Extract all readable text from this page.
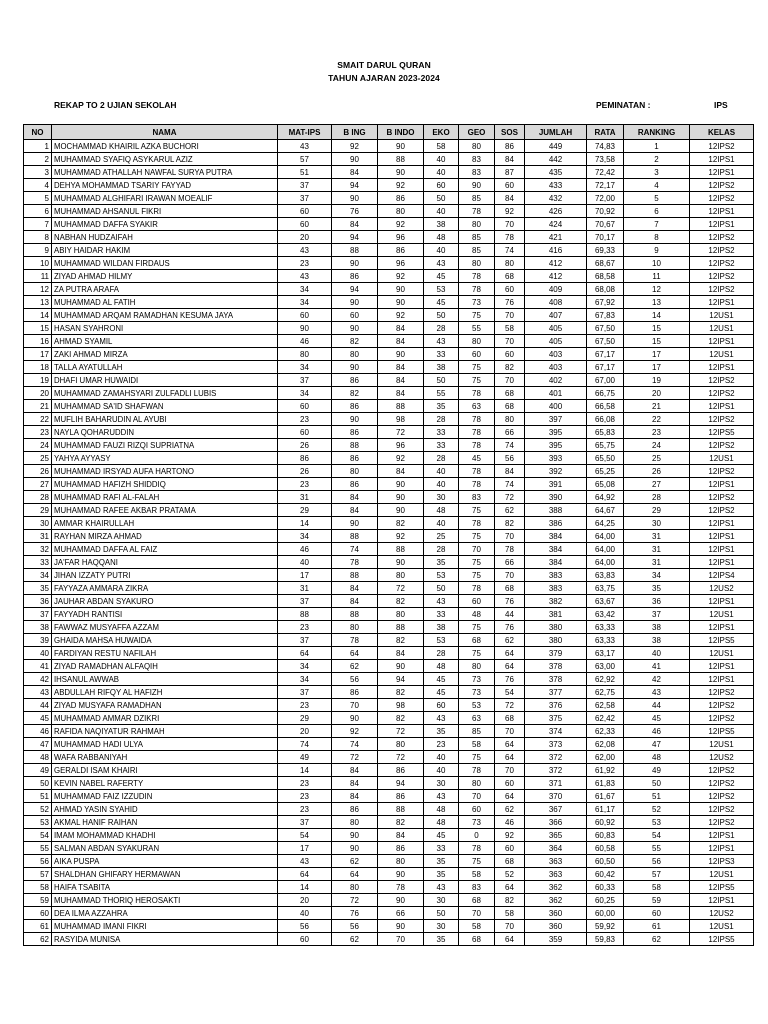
SMAIT DARUL QURAN
TAHUN AJARAN 2023-2024
REKAP TO 2 UJIAN SEKOLAH	PEMINATAN :	IPS
NO	NAMA	MAT-IPS	B ING	B INDO	EKO	GEO	SOS	JUMLAH	RATA	RANKING	KELAS
1	MOCHAMMAD KHAIRIL AZKA BUCHORI	43	92	90	58	80	86	449	74,83	1	12IPS2
2	MUHAMMAD SYAFIQ ASYKARUL AZIZ	57	90	88	40	83	84	442	73,58	2	12IPS1
3	MUHAMMAD ATHALLAH NAWFAL SURYA PUTRA	51	84	90	40	83	87	435	72,42	3	12IPS1
4	DEHYA MOHAMMAD TSARIY FAYYAD	37	94	92	60	90	60	433	72,17	4	12IPS2
5	MUHAMMAD ALGHIFARI IRAWAN MOEALIF	37	90	86	50	85	84	432	72,00	5	12IPS2
6	MUHAMMAD AHSANUL FIKRI	60	76	80	40	78	92	426	70,92	6	12IPS1
7	MUHAMMAD DAFFA SYAKIR	60	84	92	38	80	70	424	70,67	7	12IPS1
8	NABHAN HUDZAIFAH	20	94	96	48	85	78	421	70,17	8	12IPS2
9	ABIY HAIDAR HAKIM	43	88	86	40	85	74	416	69,33	9	12IPS2
10	MUHAMMAD WILDAN FIRDAUS	23	90	96	43	80	80	412	68,67	10	12IPS2
11	ZIYAD AHMAD HILMY	43	86	92	45	78	68	412	68,58	11	12IPS2
12	ZA PUTRA ARAFA	34	94	90	53	78	60	409	68,08	12	12IPS2
13	MUHAMMAD AL FATIH	34	90	90	45	73	76	408	67,92	13	12IPS1
14	MUHAMMAD ARQAM RAMADHAN KESUMA JAYA	60	60	92	50	75	70	407	67,83	14	12US1
15	HASAN SYAHRONI	90	90	84	28	55	58	405	67,50	15	12US1
16	AHMAD SYAMIL	46	82	84	43	80	70	405	67,50	15	12IPS1
17	ZAKI AHMAD MIRZA	80	80	90	33	60	60	403	67,17	17	12US1
18	TALLA AYATULLAH	34	90	84	38	75	82	403	67,17	17	12IPS1
19	DHAFI UMAR HUWAIDI	37	86	84	50	75	70	402	67,00	19	12IPS2
20	MUHAMMAD ZAMAHSYARI ZULFADLI LUBIS	34	82	84	55	78	68	401	66,75	20	12IPS2
21	MUHAMMAD SA'ID SHAFWAN	60	86	88	35	63	68	400	66,58	21	12IPS1
22	MUFLIH BAHARUDIN AL AYUBI	23	90	98	28	78	80	397	66,08	22	12IPS2
23	NAYLA QOHARUDDIN	60	86	72	33	78	66	395	65,83	23	12IPS5
24	MUHAMMAD FAUZI RIZQI SUPRIATNA	26	88	96	33	78	74	395	65,75	24	12IPS2
25	YAHYA AYYASY	86	86	92	28	45	56	393	65,50	25	12US1
26	MUHAMMAD IRSYAD AUFA HARTONO	26	80	84	40	78	84	392	65,25	26	12IPS2
27	MUHAMMAD HAFIZH SHIDDIQ	23	86	90	40	78	74	391	65,08	27	12IPS1
28	MUHAMMAD RAFI AL-FALAH	31	84	90	30	83	72	390	64,92	28	12IPS2
29	MUHAMMAD RAFEE AKBAR PRATAMA	29	84	90	48	75	62	388	64,67	29	12IPS2
30	AMMAR KHAIRULLAH	14	90	82	40	78	82	386	64,25	30	12IPS1
31	RAYHAN MIRZA AHMAD	34	88	92	25	75	70	384	64,00	31	12IPS1
32	MUHAMMAD DAFFA AL FAIZ	46	74	88	28	70	78	384	64,00	31	12IPS1
33	JA'FAR HAQQANI	40	78	90	35	75	66	384	64,00	31	12IPS1
34	JIHAN IZZATY PUTRI	17	88	80	53	75	70	383	63,83	34	12IPS4
35	FAYYAZA AMMARA ZIKRA	31	84	72	50	78	68	383	63,75	35	12US2
36	JAUHAR ABDAN SYAKURO	37	84	82	43	60	76	382	63,67	36	12IPS1
37	FAYYADH RANTISI	88	88	80	33	48	44	381	63,42	37	12US1
38	FAWWAZ MUSYAFFA AZZAM	23	80	88	38	75	76	380	63,33	38	12IPS1
39	GHAIDA MAHSA HUWAIDA	37	78	82	53	68	62	380	63,33	38	12IPS5
40	FARDIYAN RESTU NAFILAH	64	64	84	28	75	64	379	63,17	40	12US1
41	ZIYAD RAMADHAN ALFAQIH	34	62	90	48	80	64	378	63,00	41	12IPS1
42	IHSANUL AWWAB	34	56	94	45	73	76	378	62,92	42	12IPS1
43	ABDULLAH RIFQY AL HAFIZH	37	86	82	45	73	54	377	62,75	43	12IPS2
44	ZIYAD MUSYAFA RAMADHAN	23	70	98	60	53	72	376	62,58	44	12IPS2
45	MUHAMMAD AMMAR DZIKRI	29	90	82	43	63	68	375	62,42	45	12IPS2
46	RAFIDA NAQIYATUR RAHMAH	20	92	72	35	85	70	374	62,33	46	12IPS5
47	MUHAMMAD HADI ULYA	74	74	80	23	58	64	373	62,08	47	12US1
48	WAFA RABBANIYAH	49	72	72	40	75	64	372	62,00	48	12US2
49	GERALDI ISAM KHAIRI	14	84	86	40	78	70	372	61,92	49	12IPS2
50	KEVIN NABEL RAFERTY	23	84	94	30	80	60	371	61,83	50	12IPS2
51	MUHAMMAD FAIZ IZZUDIN	23	84	86	43	70	64	370	61,67	51	12IPS2
52	AHMAD YASIN SYAHID	23	86	88	48	60	62	367	61,17	52	12IPS2
53	AKMAL HANIF RAIHAN	37	80	82	48	73	46	366	60,92	53	12IPS2
54	IMAM MOHAMMAD KHADHI	54	90	84	45	0	92	365	60,83	54	12IPS1
55	SALMAN ABDAN SYAKURAN	17	90	86	33	78	60	364	60,58	55	12IPS1
56	AIKA PUSPA	43	62	80	35	75	68	363	60,50	56	12IPS3
57	SHALDHAN GHIFARY HERMAWAN	64	64	90	35	58	52	363	60,42	57	12US1
58	HAIFA TSABITA	14	80	78	43	83	64	362	60,33	58	12IPS5
59	MUHAMMAD THORIQ HEROSAKTI	20	72	90	30	68	82	362	60,25	59	12IPS1
60	DEA ILMA AZZAHRA	40	76	66	50	70	58	360	60,00	60	12US2
61	MUHAMMAD IMANI FIKRI	56	56	90	30	58	70	360	59,92	61	12US1
62	RASYIDA MUNISA	60	62	70	35	68	64	359	59,83	62	12IPS5
